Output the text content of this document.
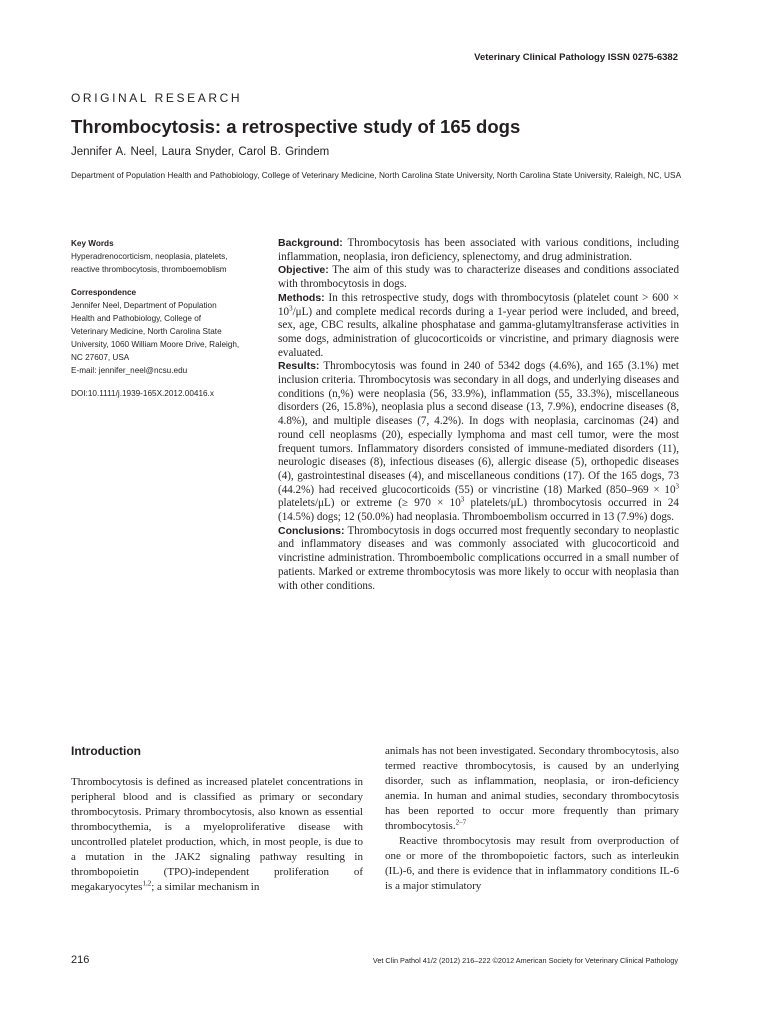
Veterinary Clinical Pathology ISSN 0275-6382
ORIGINAL RESEARCH
Thrombocytosis: a retrospective study of 165 dogs
Jennifer A. Neel, Laura Snyder, Carol B. Grindem
Department of Population Health and Pathobiology, College of Veterinary Medicine, North Carolina State University, North Carolina State University, Raleigh, NC, USA
Key Words
Hyperadrenocorticism, neoplasia, platelets,
reactive thrombocytosis, thromboemoblism
Correspondence
Jennifer Neel, Department of Population
Health and Pathobiology, College of
Veterinary Medicine, North Carolina State
University, 1060 William Moore Drive, Raleigh,
NC 27607, USA
E-mail: jennifer_neel@ncsu.edu
DOI:10.1111/j.1939-165X.2012.00416.x
Background: Thrombocytosis has been associated with various conditions, including inflammation, neoplasia, iron deficiency, splenectomy, and drug administration.
Objective: The aim of this study was to characterize diseases and conditions associated with thrombocytosis in dogs.
Methods: In this retrospective study, dogs with thrombocytosis (platelet count > $600 \times 10^3/\mu L$) and complete medical records during a 1-year period were included, and breed, sex, age, CBC results, alkaline phosphatase and gamma-glutamyltransferase activities in some dogs, administration of glucocorticoids or vincristine, and primary diagnosis were evaluated.
Results: Thrombocytosis was found in 240 of 5342 dogs (4.6%), and 165 (3.1%) met inclusion criteria. Thrombocytosis was secondary in all dogs, and underlying diseases and conditions (n,%) were neoplasia (56, 33.9%), inflammation (55, 33.3%), miscellaneous disorders (26, 15.8%), neoplasia plus a second disease (13, 7.9%), endocrine diseases (8, 4.8%), and multiple diseases (7, 4.2%). In dogs with neoplasia, carcinomas (24) and round cell neoplasms (20), especially lymphoma and mast cell tumor, were the most frequent tumors. Inflammatory disorders consisted of immune-mediated disorders (11), neurologic diseases (8), infectious diseases (6), allergic disease (5), orthopedic diseases (4), gastrointestinal diseases (4), and miscellaneous conditions (17). Of the 165 dogs, 73 (44.2%) had received glucocorticoids (55) or vincristine (18) Marked ($850-969 \times 10^3$ platelets/μL) or extreme (≥ $970 \times 10^3$ platelets/μL) thrombocytosis occurred in 24 (14.5%) dogs; 12 (50.0%) had neoplasia. Thromboembolism occurred in 13 (7.9%) dogs.
Conclusions: Thrombocytosis in dogs occurred most frequently secondary to neoplastic and inflammatory diseases and was commonly associated with glucocorticoid and vincristine administration. Thromboembolic complications occurred in a small number of patients. Marked or extreme thrombocytosis was more likely to occur with neoplasia than with other conditions.
Introduction

Thrombocytosis is defined as increased platelet concentrations in peripheral blood and is classified as primary or secondary thrombocytosis. Primary thrombocytosis, also known as essential thrombocythemia, is a myeloproliferative disease with uncontrolled platelet production, which, in most people, is due to a mutation in the JAK2 signaling pathway resulting in thrombopoietin (TPO)-independent proliferation of megakaryocytes$^{1,2}$; a similar mechanism in

animals has not been investigated. Secondary thrombocytosis, also termed reactive thrombocytosis, is caused by an underlying disorder, such as inflammation, neoplasia, or iron-deficiency anemia. In human and animal studies, secondary thrombocytosis has been reported to occur more frequently than primary thrombocytosis.$^{2-7}$

Reactive thrombocytosis may result from overproduction of one or more of the thrombopoietic factors, such as interleukin (IL)-6, and there is evidence that in inflammatory conditions IL-6 is a major stimulatory

216	Vet Clin Pathol 41/2 (2012) 216–222 ©2012 American Society for Veterinary Clinical Pathology
